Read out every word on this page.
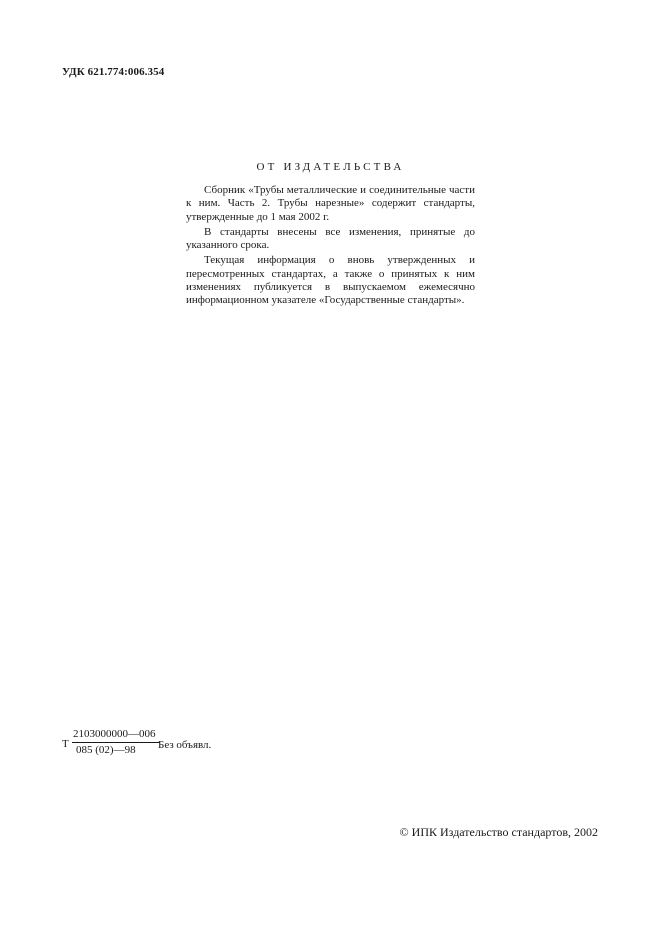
УДК 621.774:006.354
ОТ ИЗДАТЕЛЬСТВА

Сборник «Трубы металлические и соединительные части к ним. Часть 2. Трубы нарезные» содержит стандарты, утвержденные до 1 мая 2002 г.

В стандарты внесены все изменения, принятые до указанного срока.

Текущая информация о вновь утвержденных и пересмотренных стандартах, а также о принятых к ним изменениях публикуется в выпускаемом ежемесячно информационном указателе «Государственные стандарты».

Т $\frac{2103000000—006}{085 (02)—98}$
Без объявл.
© ИПК Издательство стандартов, 2002
